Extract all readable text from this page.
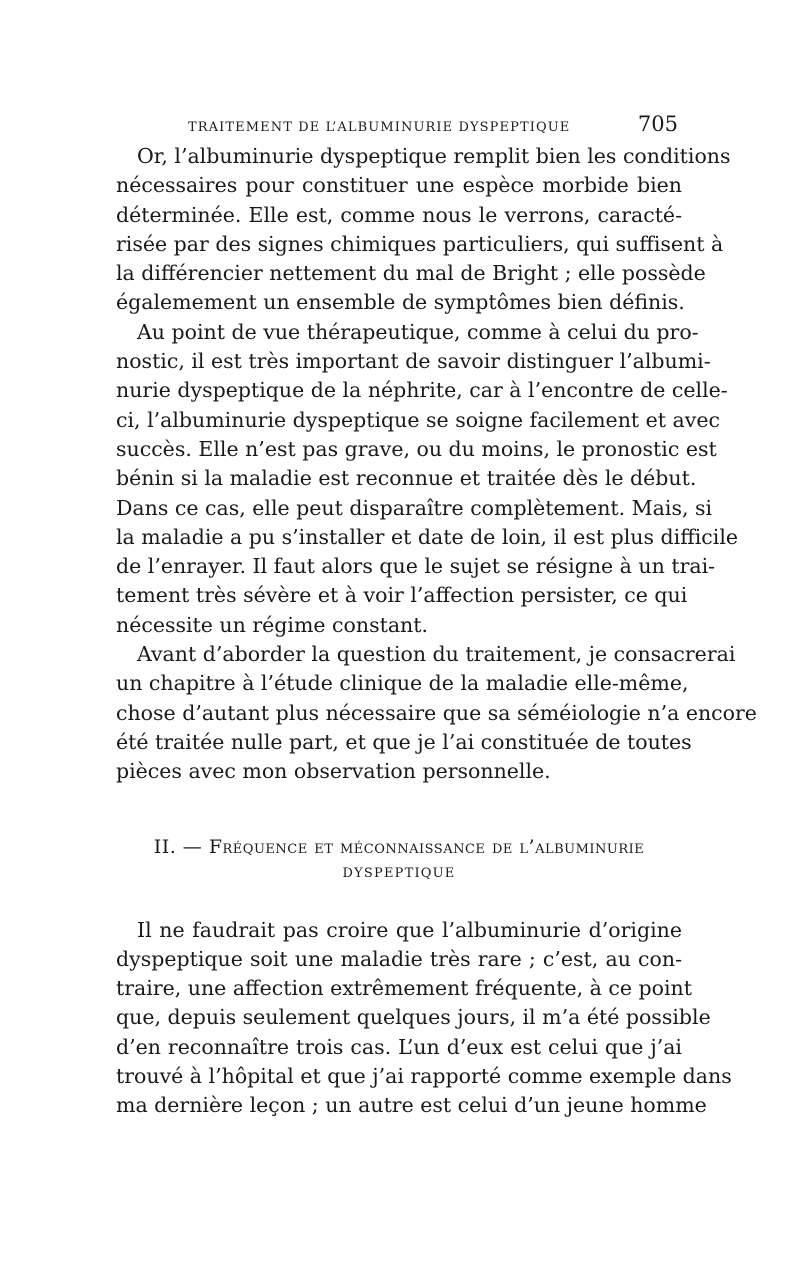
TRAITEMENT DE L’ALBUMINURIE DYSPEPTIQUE	705
Or, l’albuminurie dyspeptique remplit bien les conditions
nécessaires pour constituer une espèce morbide bien
déterminée. Elle est, comme nous le verrons, caracté-
risée par des signes chimiques particuliers, qui suffisent à
la différencier nettement du mal de Bright ; elle possède
égalemement un ensemble de symptômes bien définis.
Au point de vue thérapeutique, comme à celui du pro-
nostic, il est très important de savoir distinguer l’albumi-
nurie dyspeptique de la néphrite, car à l’encontre de celle-
ci, l’albuminurie dyspeptique se soigne facilement et avec
succès. Elle n’est pas grave, ou du moins, le pronostic est
bénin si la maladie est reconnue et traitée dès le début.
Dans ce cas, elle peut disparaître complètement. Mais, si
la maladie a pu s’installer et date de loin, il est plus difficile
de l’enrayer. Il faut alors que le sujet se résigne à un trai-
tement très sévère et à voir l’affection persister, ce qui
nécessite un régime constant.
Avant d’aborder la question du traitement, je consacrerai
un chapitre à l’étude clinique de la maladie elle-même,
chose d’autant plus nécessaire que sa séméiologie n’a encore
été traitée nulle part, et que je l’ai constituée de toutes
pièces avec mon observation personnelle.
II. — Fréquence et méconnaissance de l’albuminurie
DYSPEPTIQUE
Il ne faudrait pas croire que l’albuminurie d’origine
dyspeptique soit une maladie très rare ; c’est, au con-
traire, une affection extrêmement fréquente, à ce point
que, depuis seulement quelques jours, il m’a été possible
d’en reconnaître trois cas. L’un d’eux est celui que j’ai
trouvé à l’hôpital et que j’ai rapporté comme exemple dans
ma dernière leçon ; un autre est celui d’un jeune homme
